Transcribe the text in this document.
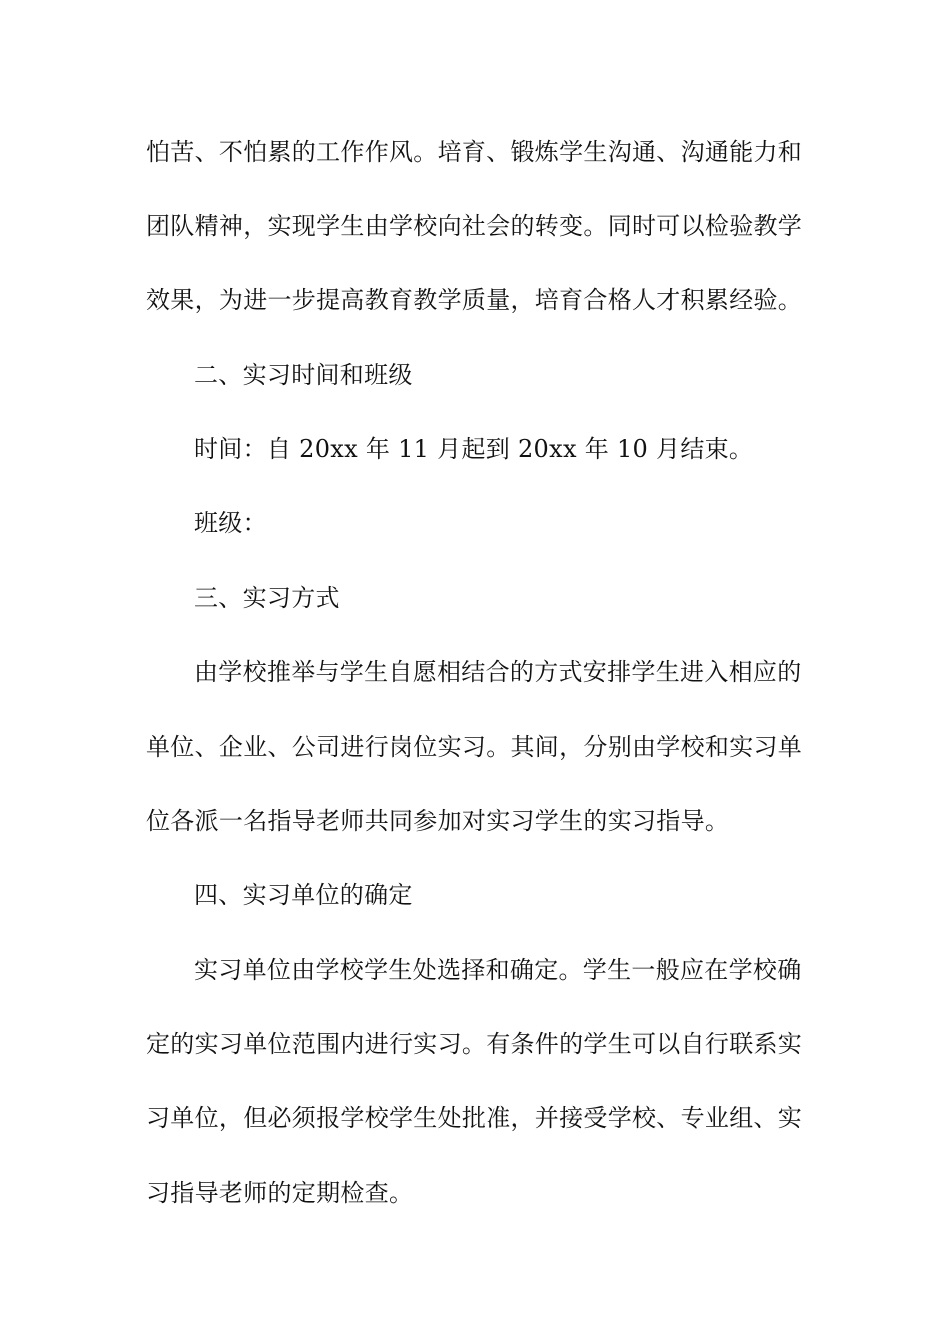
怕苦、不怕累的工作作风。培育、锻炼学生沟通、沟通能力和
团队精神，实现学生由学校向社会的转变。同时可以检验教学
效果，为进一步提高教育教学质量，培育合格人才积累经验。
二、实习时间和班级
时间：自 20xx 年 11 月起到 20xx 年 10 月结束。
班级：
三、实习方式
由学校推举与学生自愿相结合的方式安排学生进入相应的
单位、企业、公司进行岗位实习。其间，分别由学校和实习单
位各派一名指导老师共同参加对实习学生的实习指导。
四、实习单位的确定
实习单位由学校学生处选择和确定。学生一般应在学校确
定的实习单位范围内进行实习。有条件的学生可以自行联系实
习单位，但必须报学校学生处批准，并接受学校、专业组、实
习指导老师的定期检查。
